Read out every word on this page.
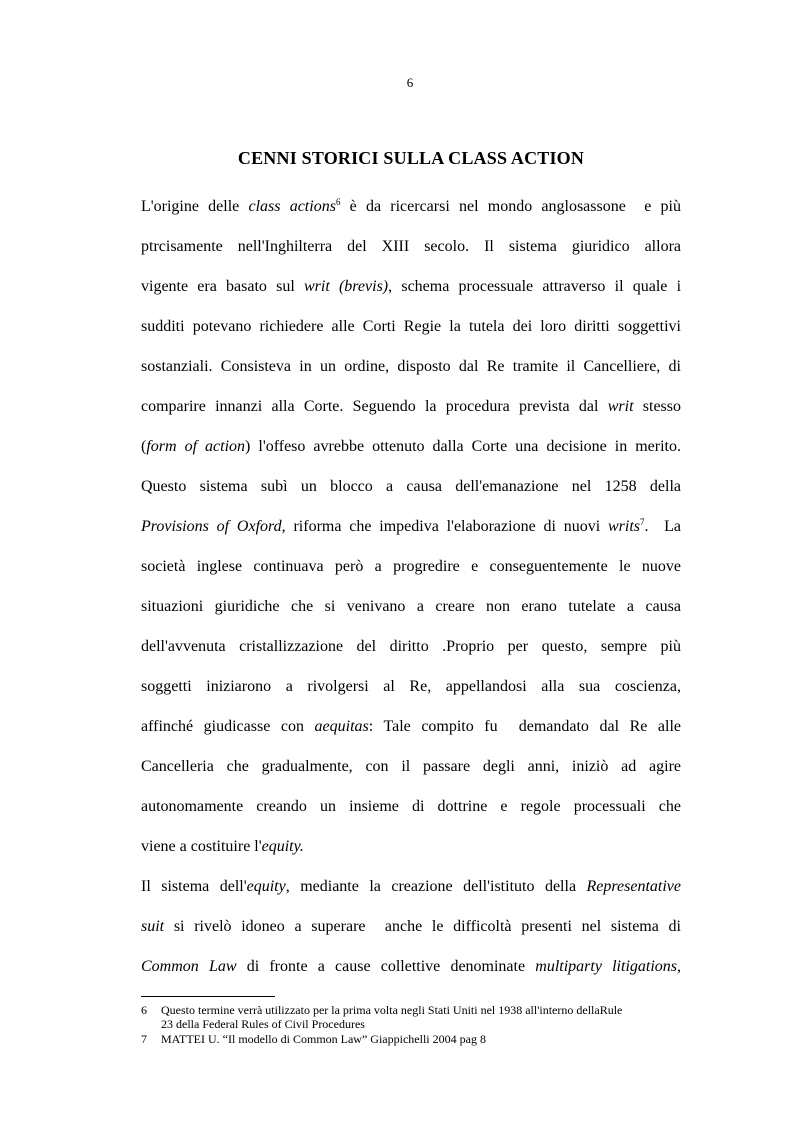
6
CENNI STORICI SULLA CLASS ACTION
L'origine delle class actions$^6$ è da ricercarsi nel mondo anglosassone  e più
ptrcisamente nell'Inghilterra del XIII secolo. Il sistema giuridico allora
vigente era basato sul writ (brevis), schema processuale attraverso il quale i
sudditi potevano richiedere alle Corti Regie la tutela dei loro diritti soggettivi
sostanziali. Consisteva in un ordine, disposto dal Re tramite il Cancelliere, di
comparire innanzi alla Corte. Seguendo la procedura prevista dal writ stesso
(form of action) l'offeso avrebbe ottenuto dalla Corte una decisione in merito.
Questo sistema subì un blocco a causa dell'emanazione nel 1258 della
Provisions of Oxford, riforma che impediva l'elaborazione di nuovi writs$^7$.  La
società inglese continuava però a progredire e conseguentemente le nuove
situazioni giuridiche che si venivano a creare non erano tutelate a causa
dell'avvenuta cristallizzazione del diritto .Proprio per questo, sempre più
soggetti iniziarono a rivolgersi al Re, appellandosi alla sua coscienza,
affinché giudicasse con aequitas: Tale compito fu  demandato dal Re alle
Cancelleria che gradualmente, con il passare degli anni, iniziò ad agire
autonomamente creando un insieme di dottrine e regole processuali che
viene a costituire l'equity.
Il sistema dell'equity, mediante la creazione dell'istituto della Representative
suit si rivelò idoneo a superare  anche le difficoltà presenti nel sistema di
Common Law di fronte a cause collettive denominate multiparty litigations,
6 Questo termine verrà utilizzato per la prima volta negli Stati Uniti nel 1938 all'interno dellaRule
23 della Federal Rules of Civil Procedures
7 MATTEI U. “Il modello di Common Law” Giappichelli 2004 pag 8
